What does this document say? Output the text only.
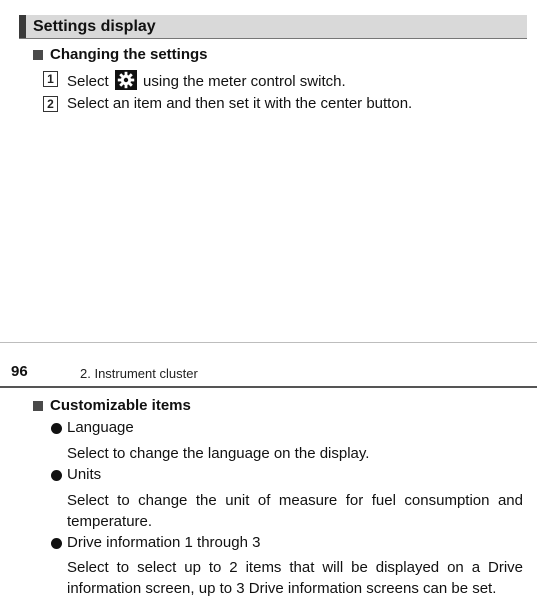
Settings display
Changing the settings
1 Select using the meter control switch.
2 Select an item and then set it with the center button.
96	2. Instrument cluster
Customizable items
Language
Select to change the language on the display.
Units
Select to change the unit of measure for fuel consumption and temperature.
Drive information 1 through 3
Select to select up to 2 items that will be displayed on a Drive information screen, up to 3 Drive information screens can be set.
